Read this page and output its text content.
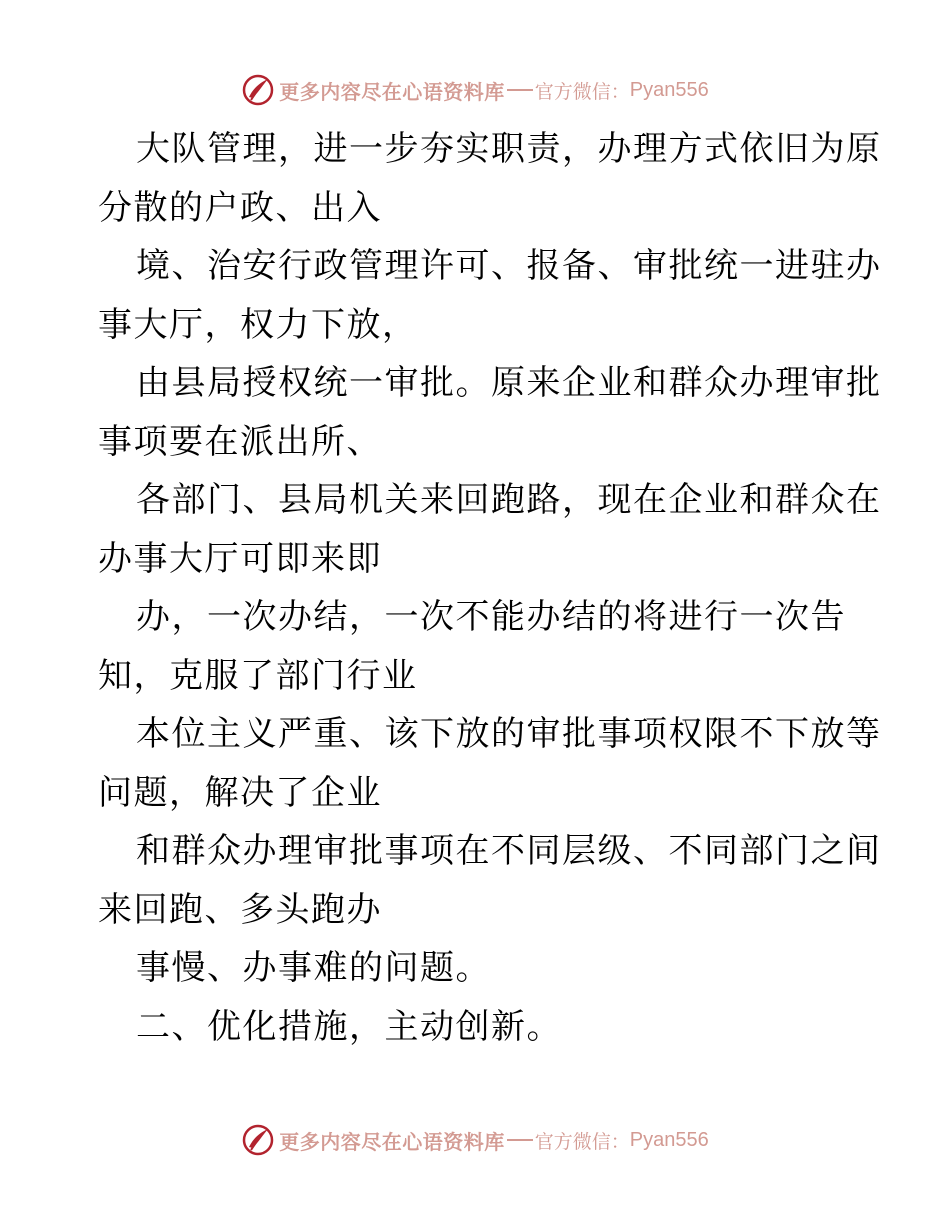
更多内容尽在心语资料库 官方微信： Pyan556
大队管理，进一步夯实职责，办理方式依旧为原
分散的户政、出入
境、治安行政管理许可、报备、审批统一进驻办
事大厅，权力下放，
由县局授权统一审批。原来企业和群众办理审批
事项要在派出所、
各部门、县局机关来回跑路，现在企业和群众在
办事大厅可即来即
办，一次办结，一次不能办结的将进行一次告
知，克服了部门行业
本位主义严重、该下放的审批事项权限不下放等
问题，解决了企业
和群众办理审批事项在不同层级、不同部门之间
来回跑、多头跑办
事慢、办事难的问题。
二、优化措施，主动创新。
更多内容尽在心语资料库 官方微信： Pyan556
